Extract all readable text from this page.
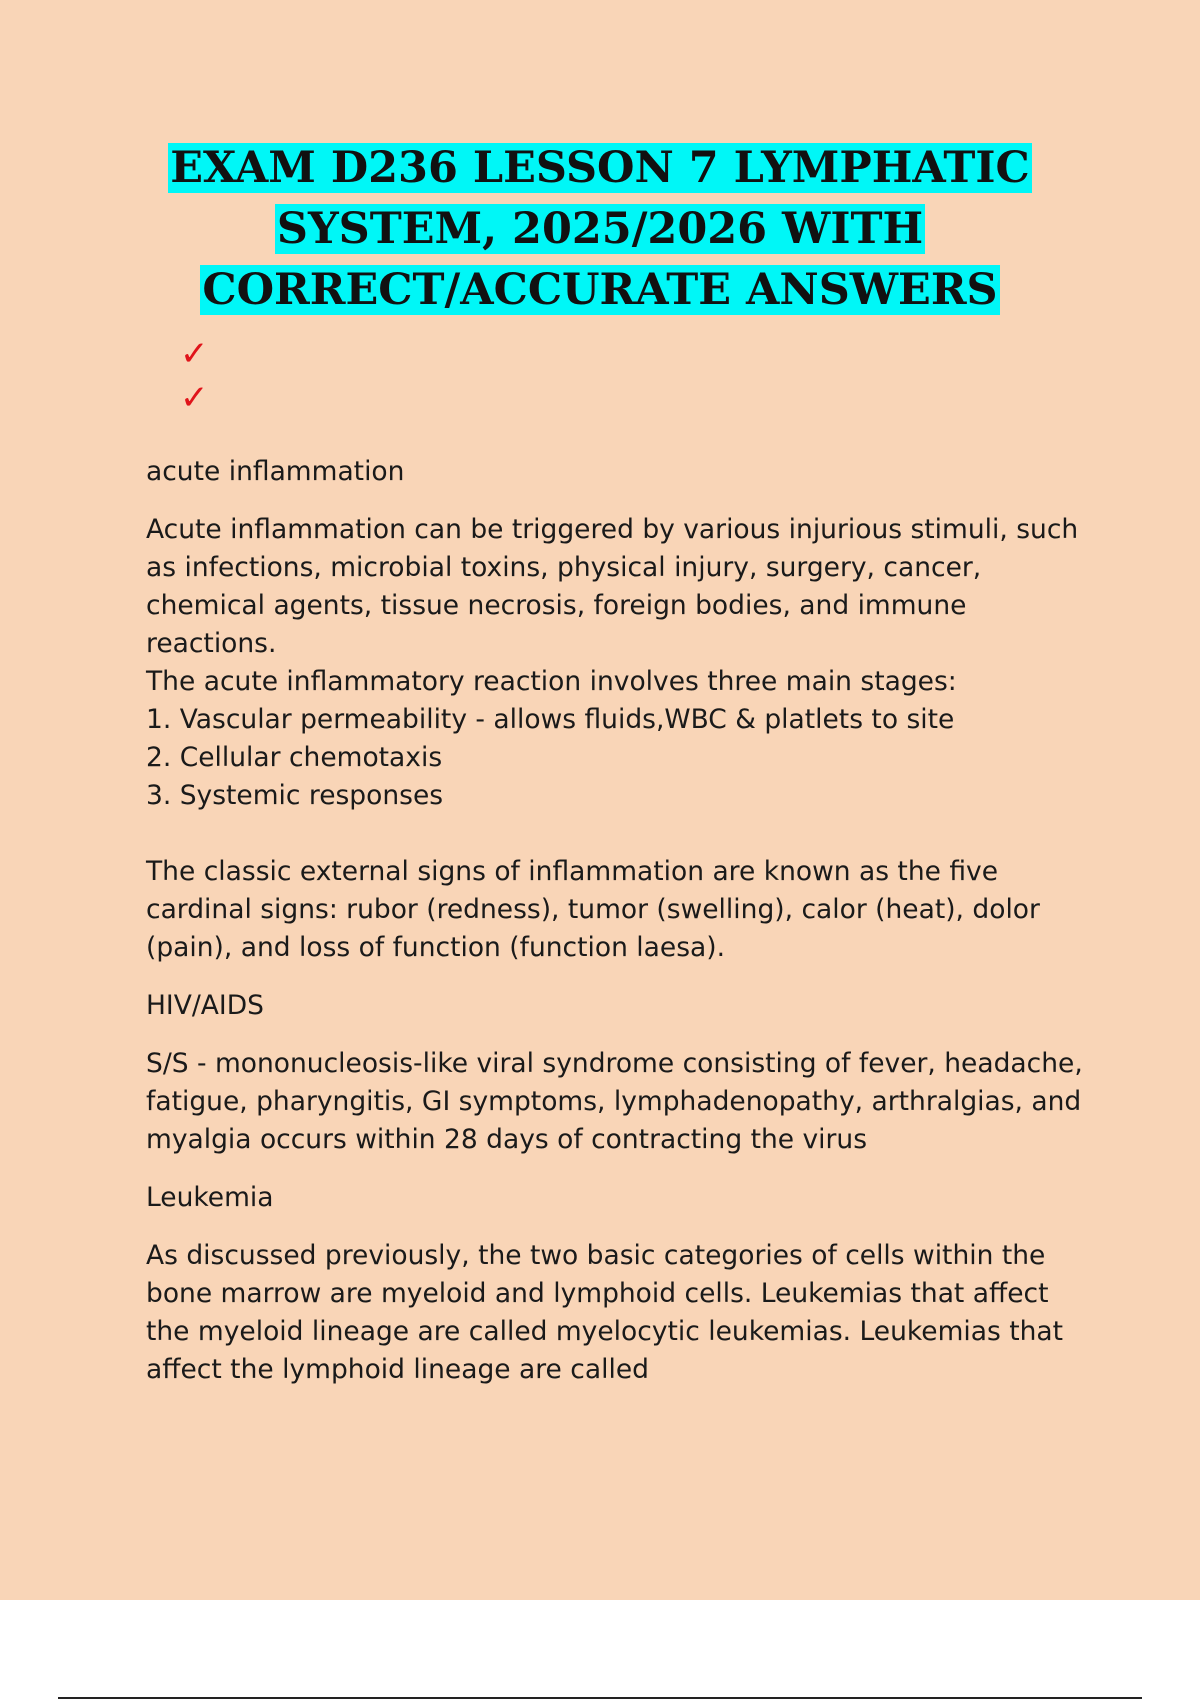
EXAM D236 LESSON 7 LYMPHATIC
SYSTEM, 2025/2026 WITH
CORRECT/ACCURATE ANSWERS
✓
✓
acute inflammation
Acute inflammation can be triggered by various injurious stimuli, such as infections, microbial toxins, physical injury, surgery, cancer, chemical agents, tissue necrosis, foreign bodies, and immune reactions.
The acute inflammatory reaction involves three main stages:
1. Vascular permeability - allows fluids,WBC & platlets to site
2. Cellular chemotaxis
3. Systemic responses
The classic external signs of inflammation are known as the five cardinal signs: rubor (redness), tumor (swelling), calor (heat), dolor (pain), and loss of function (function laesa).
HIV/AIDS
S/S - mononucleosis-like viral syndrome consisting of fever, headache, fatigue, pharyngitis, GI symptoms, lymphadenopathy, arthralgias, and myalgia occurs within 28 days of contracting the virus
Leukemia
As discussed previously, the two basic categories of cells within the bone marrow are myeloid and lymphoid cells. Leukemias that affect the myeloid lineage are called myelocytic leukemias. Leukemias that affect the lymphoid lineage are called
